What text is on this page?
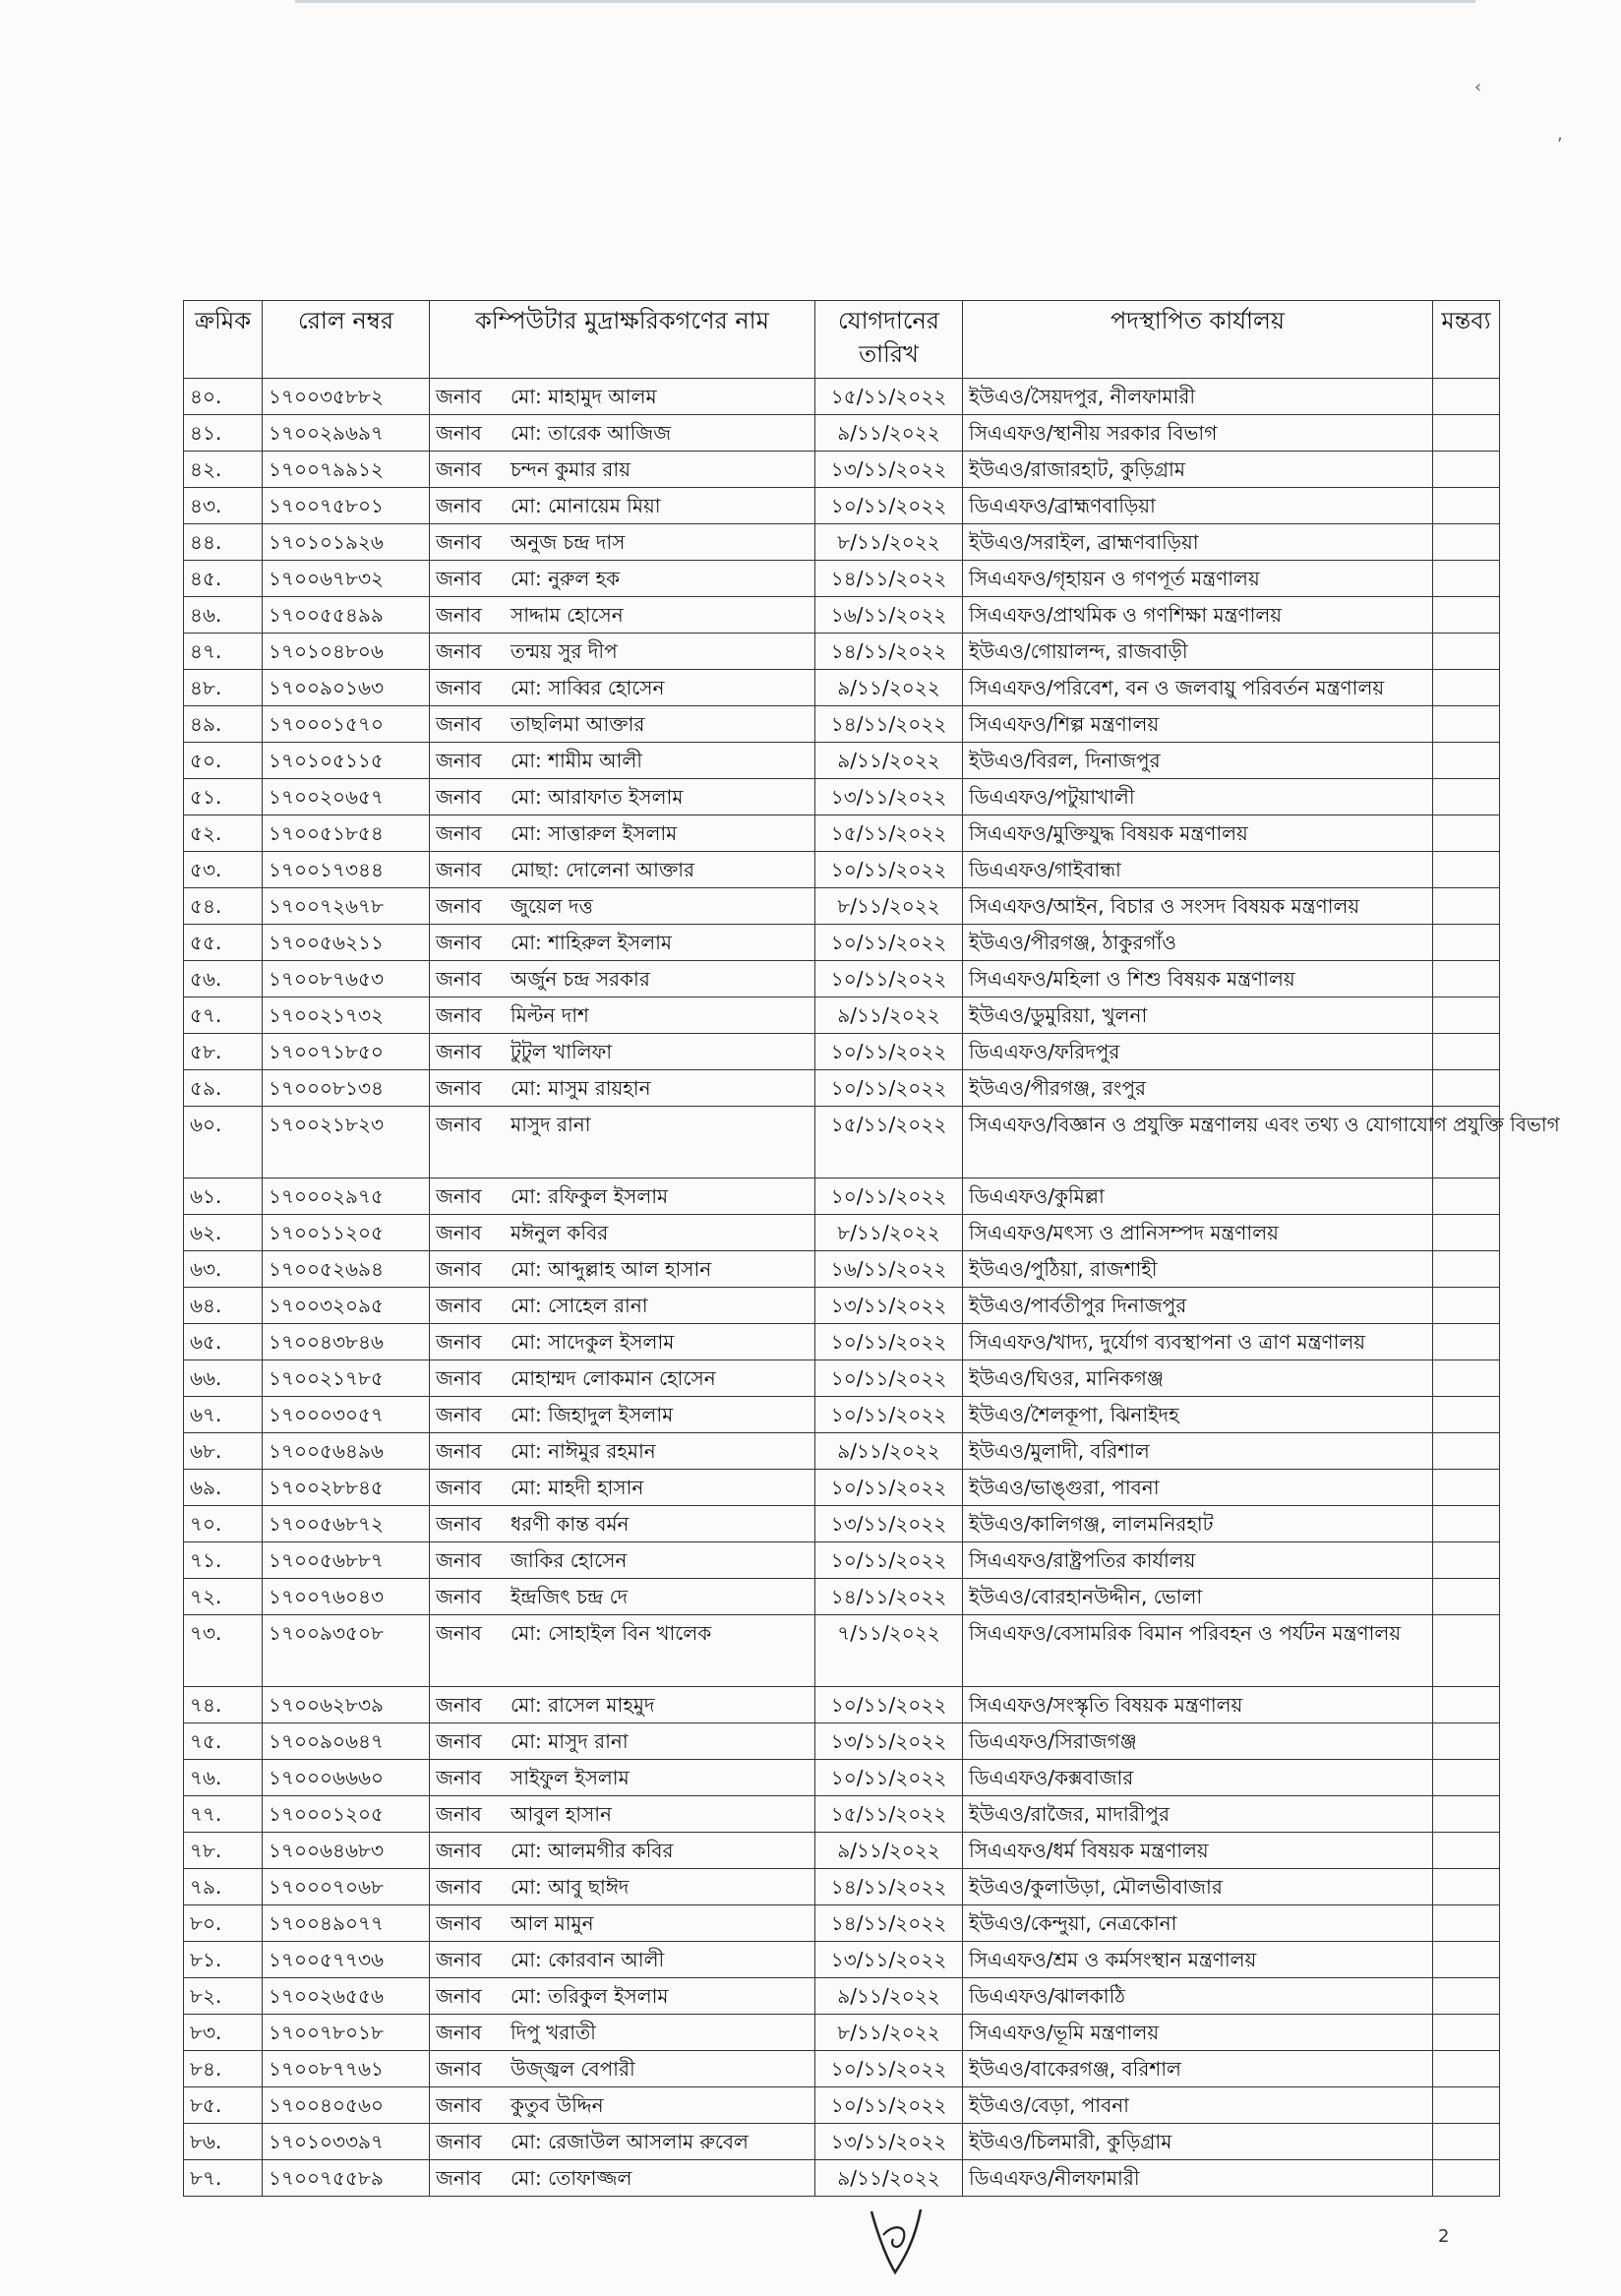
‹
,
ক্রমিক	রোল নম্বর	কম্পিউটার মুদ্রাক্ষরিকগণের নাম	যোগদানের তারিখ	পদস্থাপিত কার্যালয়	মন্তব্য
৪০.	১৭০০৩৫৮৮২	জনাব মো: মাহামুদ আলম	১৫/১১/২০২২	ইউএও/সৈয়দপুর, নীলফামারী	
৪১.	১৭০০২৯৬৯৭	জনাব মো: তারেক আজিজ	৯/১১/২০২২	সিএএফও/স্থানীয় সরকার বিভাগ	
৪২.	১৭০০৭৯৯১২	জনাব চন্দন কুমার রায়	১৩/১১/২০২২	ইউএও/রাজারহাট, কুড়িগ্রাম	
৪৩.	১৭০০৭৫৮০১	জনাব মো: মোনায়েম মিয়া	১০/১১/২০২২	ডিএএফও/ব্রাহ্মণবাড়িয়া	
৪৪.	১৭০১০১৯২৬	জনাব অনুজ চন্দ্র দাস	৮/১১/২০২২	ইউএও/সরাইল, ব্রাহ্মণবাড়িয়া	
৪৫.	১৭০০৬৭৮৩২	জনাব মো: নুরুল হক	১৪/১১/২০২২	সিএএফও/গৃহায়ন ও গণপূর্ত মন্ত্রণালয়	
৪৬.	১৭০০৫৫৪৯৯	জনাব সাদ্দাম হোসেন	১৬/১১/২০২২	সিএএফও/প্রাথমিক ও গণশিক্ষা মন্ত্রণালয়	
৪৭.	১৭০১০৪৮০৬	জনাব তন্ময় সুর দীপ	১৪/১১/২০২২	ইউএও/গোয়ালন্দ, রাজবাড়ী	
৪৮.	১৭০০৯০১৬৩	জনাব মো: সাব্বির হোসেন	৯/১১/২০২২	সিএএফও/পরিবেশ, বন ও জলবায়ু পরিবর্তন মন্ত্রণালয়	
৪৯.	১৭০০০১৫৭০	জনাব তাছলিমা আক্তার	১৪/১১/২০২২	সিএএফও/শিল্প মন্ত্রণালয়	
৫০.	১৭০১০৫১১৫	জনাব মো: শামীম আলী	৯/১১/২০২২	ইউএও/বিরল, দিনাজপুর	
৫১.	১৭০০২০৬৫৭	জনাব মো: আরাফাত ইসলাম	১৩/১১/২০২২	ডিএএফও/পটুয়াখালী	
৫২.	১৭০০৫১৮৫৪	জনাব মো: সাত্তারুল ইসলাম	১৫/১১/২০২২	সিএএফও/মুক্তিযুদ্ধ বিষয়ক মন্ত্রণালয়	
৫৩.	১৭০০১৭৩৪৪	জনাব মোছা: দোলেনা আক্তার	১০/১১/২০২২	ডিএএফও/গাইবান্ধা	
৫৪.	১৭০০৭২৬৭৮	জনাব জুয়েল দত্ত	৮/১১/২০২২	সিএএফও/আইন, বিচার ও সংসদ বিষয়ক মন্ত্রণালয়	
৫৫.	১৭০০৫৬২১১	জনাব মো: শাহিরুল ইসলাম	১০/১১/২০২২	ইউএও/পীরগঞ্জ, ঠাকুরগাঁও	
৫৬.	১৭০০৮৭৬৫৩	জনাব অর্জুন চন্দ্র সরকার	১০/১১/২০২২	সিএএফও/মহিলা ও শিশু বিষয়ক মন্ত্রণালয়	
৫৭.	১৭০০২১৭৩২	জনাব মিল্টন দাশ	৯/১১/২০২২	ইউএও/ডুমুরিয়া, খুলনা	
৫৮.	১৭০০৭১৮৫০	জনাব টুটুল খালিফা	১০/১১/২০২২	ডিএএফও/ফরিদপুর	
৫৯.	১৭০০০৮১৩৪	জনাব মো: মাসুম রায়হান	১০/১১/২০২২	ইউএও/পীরগঞ্জ, রংপুর	
৬০.	১৭০০২১৮২৩	জনাব মাসুদ রানা	১৫/১১/২০২২	সিএএফও/বিজ্ঞান ও প্রযুক্তি মন্ত্রণালয় এবং তথ্য ও যোগাযোগ প্রযুক্তি বিভাগ	
৬১.	১৭০০০২৯৭৫	জনাব মো: রফিকুল ইসলাম	১০/১১/২০২২	ডিএএফও/কুমিল্লা	
৬২.	১৭০০১১২০৫	জনাব মঈনুল কবির	৮/১১/২০২২	সিএএফও/মৎস্য ও প্রানিসম্পদ মন্ত্রণালয়	
৬৩.	১৭০০৫২৬৯৪	জনাব মো: আব্দুল্লাহ আল হাসান	১৬/১১/২০২২	ইউএও/পুঠিয়া, রাজশাহী	
৬৪.	১৭০০৩২০৯৫	জনাব মো: সোহেল রানা	১৩/১১/২০২২	ইউএও/পার্বতীপুর দিনাজপুর	
৬৫.	১৭০০৪৩৮৪৬	জনাব মো: সাদেকুল ইসলাম	১০/১১/২০২২	সিএএফও/খাদ্য, দুর্যোগ ব্যবস্থাপনা ও ত্রাণ মন্ত্রণালয়	
৬৬.	১৭০০২১৭৮৫	জনাব মোহাম্মদ লোকমান হোসেন	১০/১১/২০২২	ইউএও/ঘিওর, মানিকগঞ্জ	
৬৭.	১৭০০০৩০৫৭	জনাব মো: জিহাদুল ইসলাম	১০/১১/২০২২	ইউএও/শৈলকূপা, ঝিনাইদহ	
৬৮.	১৭০০৫৬৪৯৬	জনাব মো: নাঈমুর রহমান	৯/১১/২০২২	ইউএও/মুলাদী, বরিশাল	
৬৯.	১৭০০২৮৮৪৫	জনাব মো: মাহদী হাসান	১০/১১/২০২২	ইউএও/ভাঙ্গুরা, পাবনা	
৭০.	১৭০০৫৬৮৭২	জনাব ধরণী কান্ত বর্মন	১৩/১১/২০২২	ইউএও/কালিগঞ্জ, লালমনিরহাট	
৭১.	১৭০০৫৬৮৮৭	জনাব জাকির হোসেন	১০/১১/২০২২	সিএএফও/রাষ্ট্রপতির কার্যালয়	
৭২.	১৭০০৭৬০৪৩	জনাব ইন্দ্রজিৎ চন্দ্র দে	১৪/১১/২০২২	ইউএও/বোরহানউদ্দীন, ভোলা	
৭৩.	১৭০০৯৩৫০৮	জনাব মো: সোহাইল বিন খালেক	৭/১১/২০২২	সিএএফও/বেসামরিক বিমান পরিবহন ও পর্যটন মন্ত্রণালয়	
৭৪.	১৭০০৬২৮৩৯	জনাব মো: রাসেল মাহমুদ	১০/১১/২০২২	সিএএফও/সংস্কৃতি বিষয়ক মন্ত্রণালয়	
৭৫.	১৭০০৯০৬৪৭	জনাব মো: মাসুদ রানা	১৩/১১/২০২২	ডিএএফও/সিরাজগঞ্জ	
৭৬.	১৭০০০৬৬৬০	জনাব সাইফুল ইসলাম	১০/১১/২০২২	ডিএএফও/কক্সবাজার	
৭৭.	১৭০০০১২০৫	জনাব আবুল হাসান	১৫/১১/২০২২	ইউএও/রাজৈর, মাদারীপুর	
৭৮.	১৭০০৬৪৬৮৩	জনাব মো: আলমগীর কবির	৯/১১/২০২২	সিএএফও/ধর্ম বিষয়ক মন্ত্রণালয়	
৭৯.	১৭০০০৭০৬৮	জনাব মো: আবু ছাঈদ	১৪/১১/২০২২	ইউএও/কুলাউড়া, মৌলভীবাজার	
৮০.	১৭০০৪৯০৭৭	জনাব আল মামুন	১৪/১১/২০২২	ইউএও/কেন্দুয়া, নেত্রকোনা	
৮১.	১৭০০৫৭৭৩৬	জনাব মো: কোরবান আলী	১৩/১১/২০২২	সিএএফও/শ্রম ও কর্মসংস্থান মন্ত্রণালয়	
৮২.	১৭০০২৬৫৫৬	জনাব মো: তরিকুল ইসলাম	৯/১১/২০২২	ডিএএফও/ঝালকাঠি	
৮৩.	১৭০০৭৮০১৮	জনাব দিপু খরাতী	৮/১১/২০২২	সিএএফও/ভূমি মন্ত্রণালয়	
৮৪.	১৭০০৮৭৭৬১	জনাব উজ্জ্বল বেপারী	১০/১১/২০২২	ইউএও/বাকেরগঞ্জ, বরিশাল	
৮৫.	১৭০০৪০৫৬০	জনাব কুতুব উদ্দিন	১০/১১/২০২২	ইউএও/বেড়া, পাবনা	
৮৬.	১৭০১০৩৩৯৭	জনাব মো: রেজাউল আসলাম রুবেল	১৩/১১/২০২২	ইউএও/চিলমারী, কুড়িগ্রাম	
৮৭.	১৭০০৭৫৫৮৯	জনাব মো: তোফাজ্জল	৯/১১/২০২২	ডিএএফও/নীলফামারী	
2
